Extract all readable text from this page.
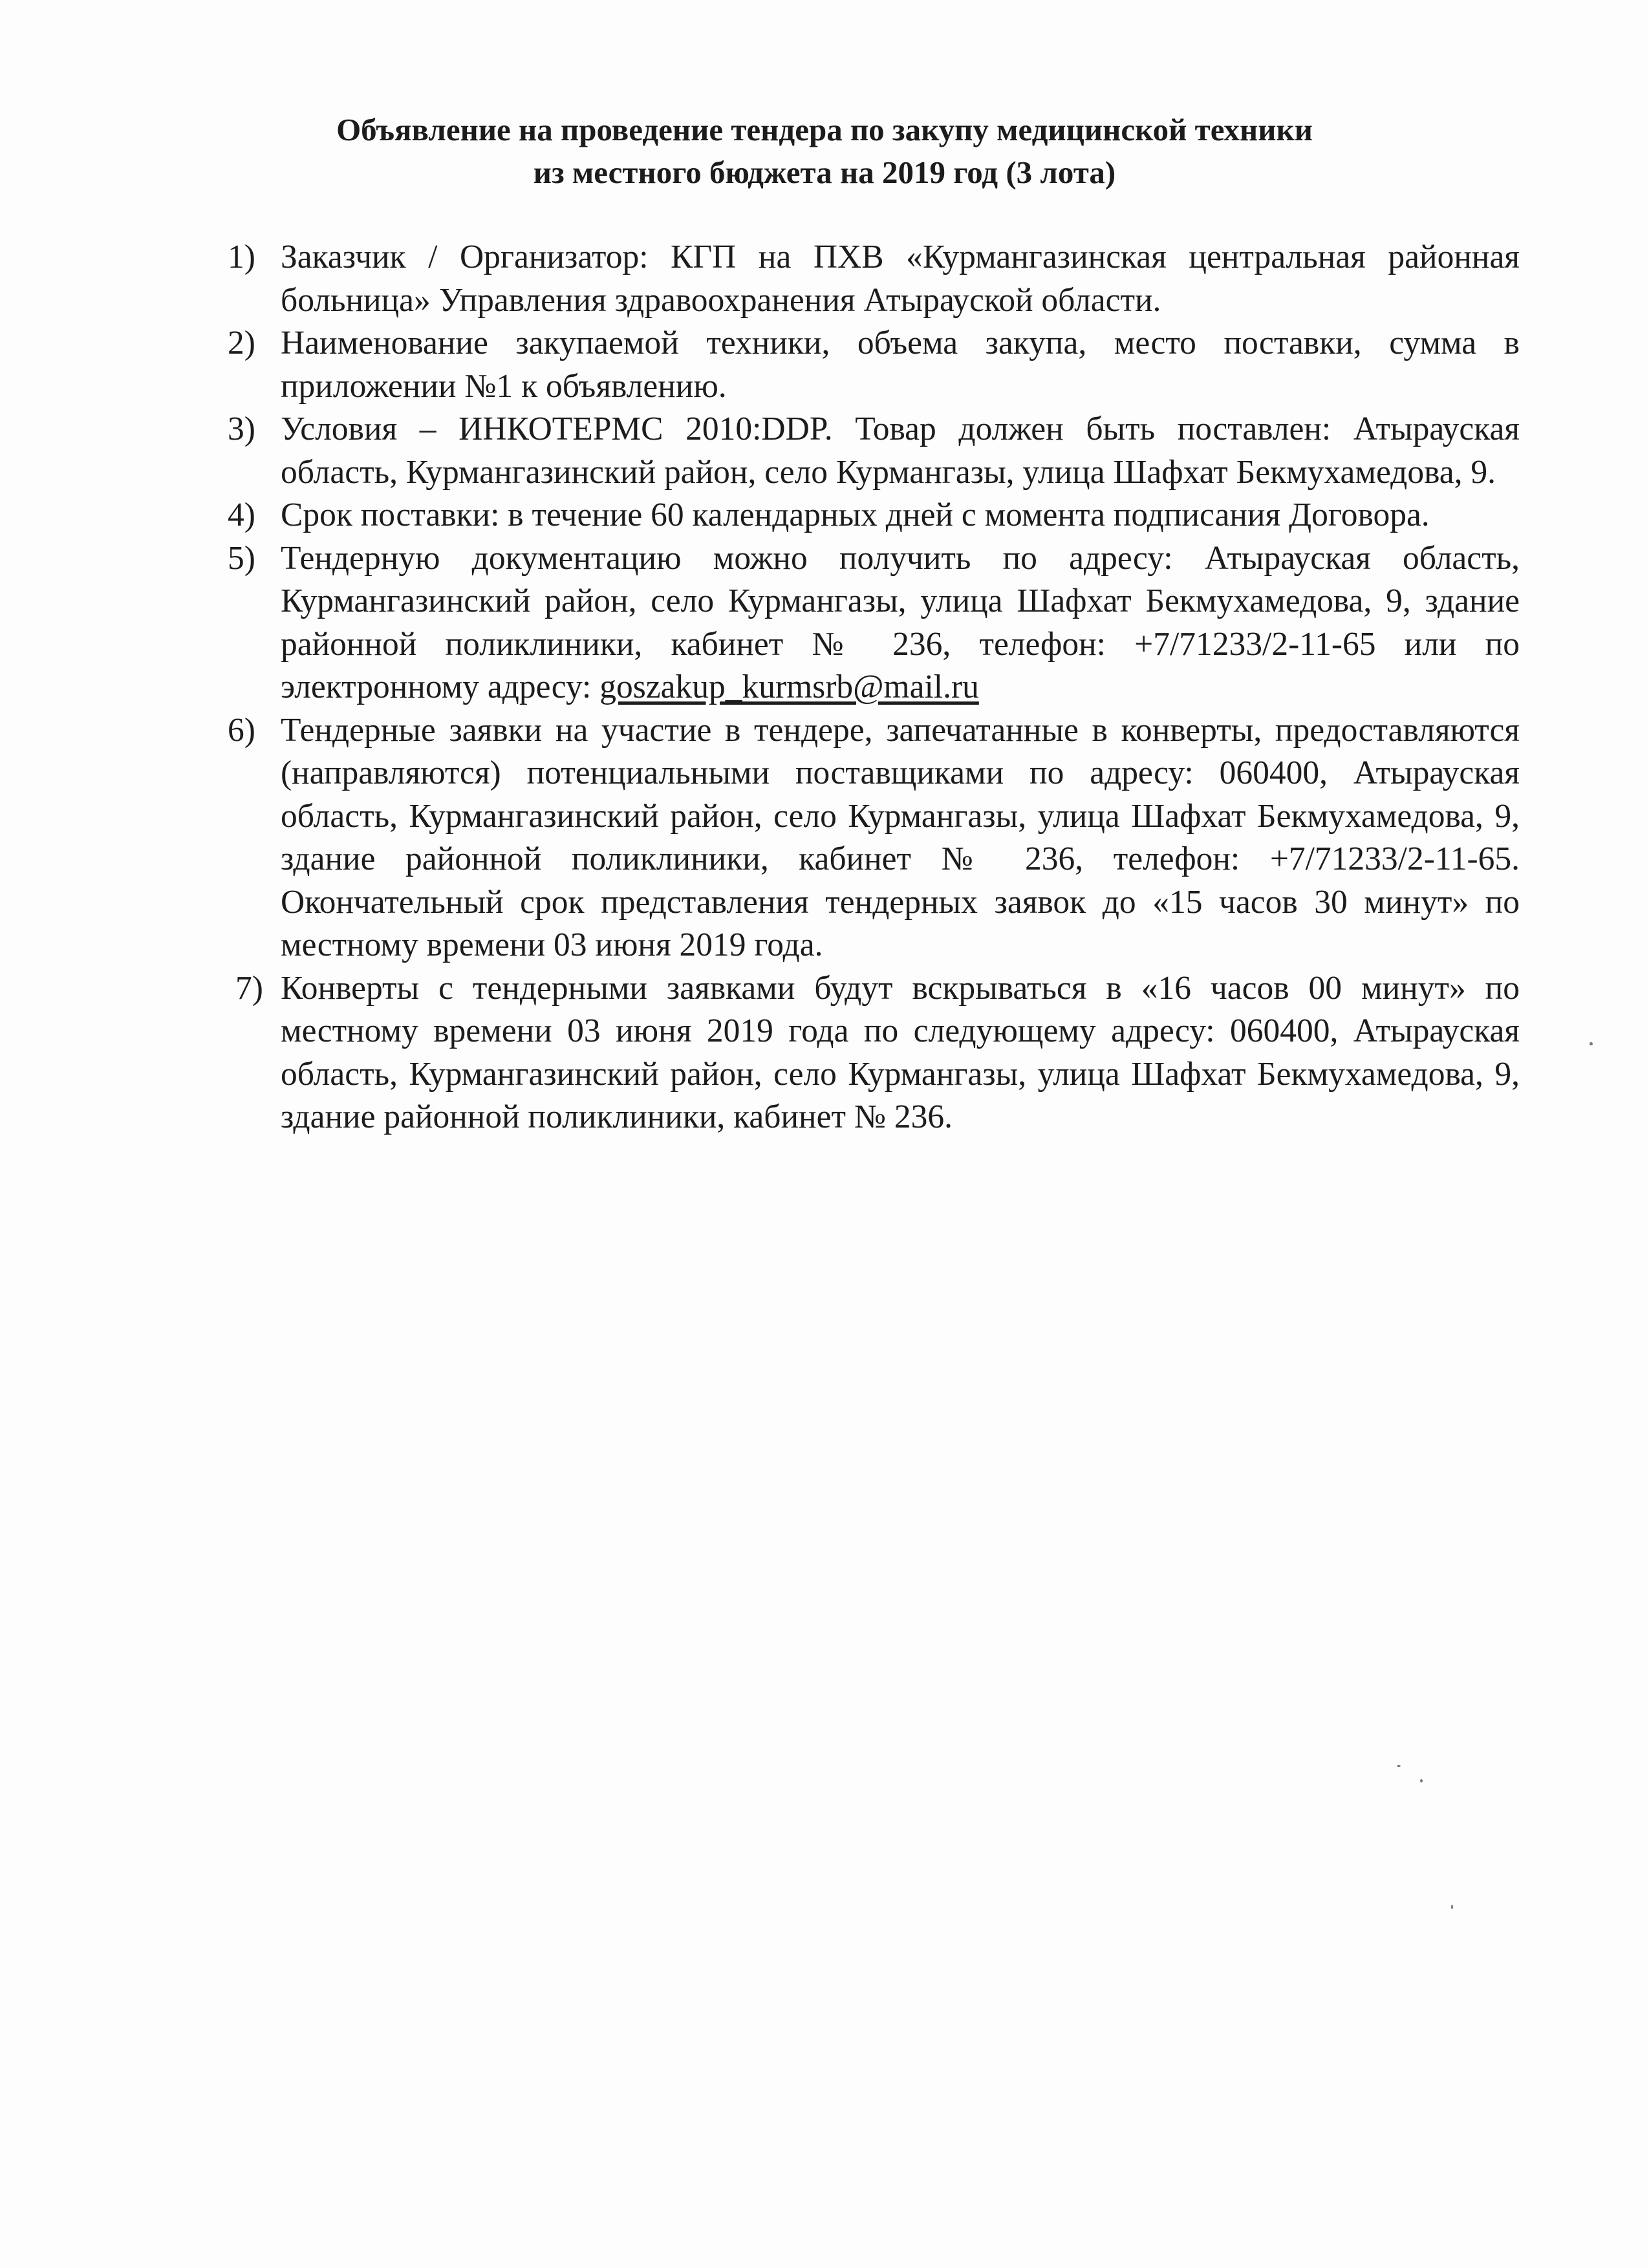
Объявление на проведение тендера по закупу медицинской техники
из местного бюджета на 2019 год (3 лота)
1) Заказчик / Организатор: КГП на ПХВ «Курмангазинская центральная районная больница» Управления здравоохранения Атырауской области.
2) Наименование закупаемой техники, объема закупа, место поставки, сумма в приложении №1 к объявлению.
3) Условия – ИНКОТЕРМС 2010:DDP. Товар должен быть поставлен: Атырауская область, Курмангазинский район, село Курмангазы, улица Шафхат Бекмухамедова, 9.
4) Срок поставки: в течение 60 календарных дней с момента подписания Договора.
5) Тендерную документацию можно получить по адресу: Атырауская область, Курмангазинский район, село Курмангазы, улица Шафхат Бекмухамедова, 9, здание районной поликлиники, кабинет № 236, телефон: +7/71233/2-11-65 или по электронному адресу: goszakup_kurmsrb@mail.ru
6) Тендерные заявки на участие в тендере, запечатанные в конверты, предоставляются (направляются) потенциальными поставщиками по адресу: 060400, Атырауская область, Курмангазинский район, село Курмангазы, улица Шафхат Бекмухамедова, 9, здание районной поликлиники, кабинет № 236, телефон: +7/71233/2-11-65. Окончательный срок представления тендерных заявок до «15 часов 30 минут» по местному времени 03 июня 2019 года.
7) Конверты с тендерными заявками будут вскрываться в «16 часов 00 минут» по местному времени 03 июня 2019 года по следующему адресу: 060400, Атырауская область, Курмангазинский район, село Курмангазы, улица Шафхат Бекмухамедова, 9, здание районной поликлиники, кабинет № 236.
